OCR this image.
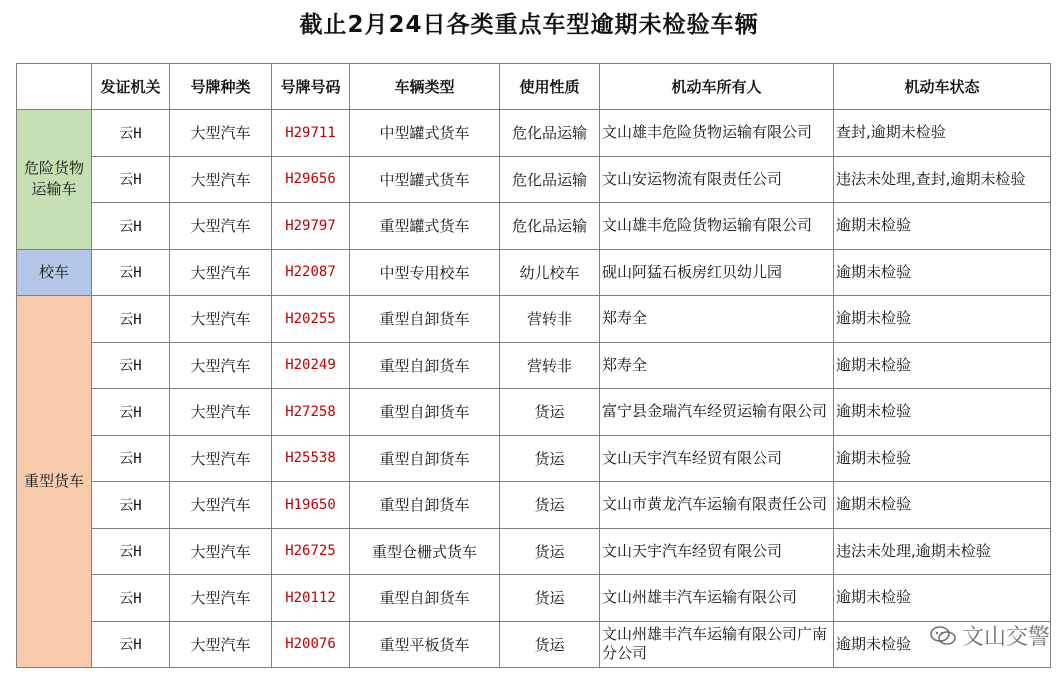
截止2月24日各类重点车型逾期未检验车辆
	发证机关	号牌种类	号牌号码	车辆类型	使用性质	机动车所有人	机动车状态
危险货物运输车	云H	大型汽车	H29711	中型罐式货车	危化品运输	文山雄丰危险货物运输有限公司	查封,逾期未检验
	云H	大型汽车	H29656	中型罐式货车	危化品运输	文山安运物流有限责任公司	违法未处理,查封,逾期未检验
	云H	大型汽车	H29797	重型罐式货车	危化品运输	文山雄丰危险货物运输有限公司	逾期未检验
校车	云H	大型汽车	H22087	中型专用校车	幼儿校车	砚山阿猛石板房红贝幼儿园	逾期未检验
重型货车	云H	大型汽车	H20255	重型自卸货车	营转非	郑寿全	逾期未检验
	云H	大型汽车	H20249	重型自卸货车	营转非	郑寿全	逾期未检验
	云H	大型汽车	H27258	重型自卸货车	货运	富宁县金瑞汽车经贸运输有限公司	逾期未检验
	云H	大型汽车	H25538	重型自卸货车	货运	文山天宇汽车经贸有限公司	逾期未检验
	云H	大型汽车	H19650	重型自卸货车	货运	文山市黄龙汽车运输有限责任公司	逾期未检验
	云H	大型汽车	H26725	重型仓栅式货车	货运	文山天宇汽车经贸有限公司	违法未处理,逾期未检验
	云H	大型汽车	H20112	重型自卸货车	货运	文山州雄丰汽车运输有限公司	逾期未检验
	云H	大型汽车	H20076	重型平板货车	货运	文山州雄丰汽车运输有限公司广南分公司	逾期未检验 文山交警
